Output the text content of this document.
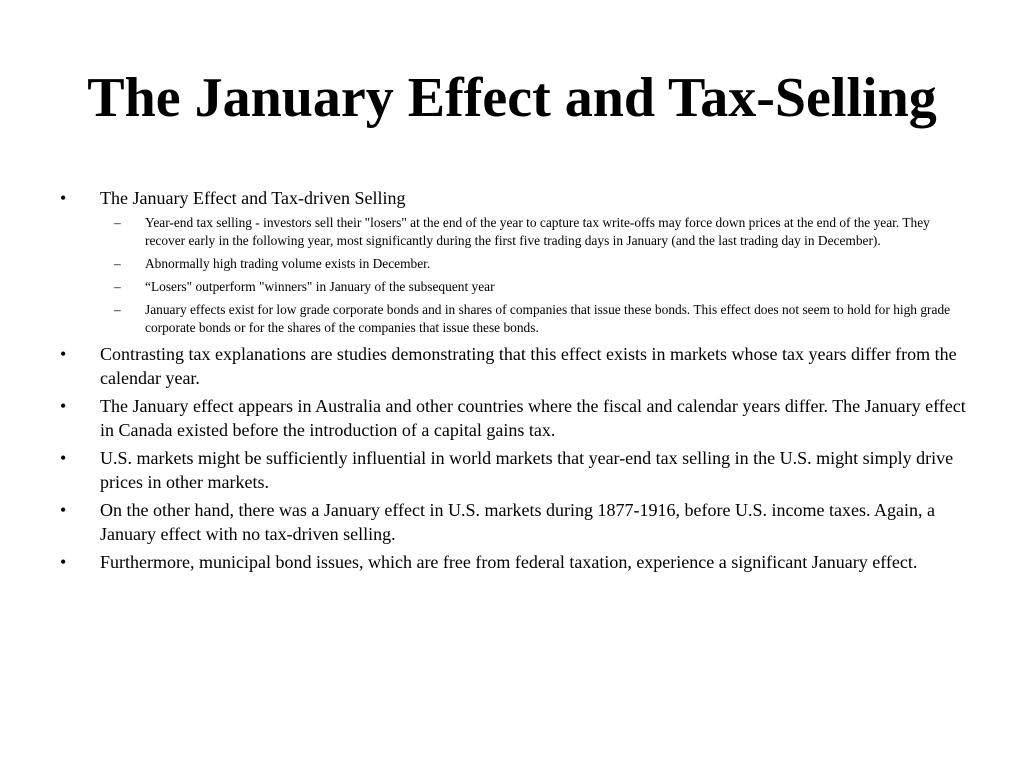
The January Effect and Tax-Selling
•	The January Effect and Tax-driven Selling
–	Year-end tax selling - investors sell their "losers" at the end of the year to capture tax write-offs may force down prices at the end of the year. They recover early in the following year, most significantly during the first five trading days in January (and the last trading day in December).
–	Abnormally high trading volume exists in December.
–	“Losers" outperform "winners" in January of the subsequent year
–	January effects exist for low grade corporate bonds and in shares of companies that issue these bonds. This effect does not seem to hold for high grade corporate bonds or for the shares of the companies that issue these bonds.
•	Contrasting tax explanations are studies demonstrating that this effect exists in markets whose tax years differ from the calendar year.
•	The January effect appears in Australia and other countries where the fiscal and calendar years differ. The January effect in Canada existed before the introduction of a capital gains tax.
•	U.S. markets might be sufficiently influential in world markets that year-end tax selling in the U.S. might simply drive prices in other markets.
•	On the other hand, there was a January effect in U.S. markets during 1877-1916, before U.S. income taxes. Again, a January effect with no tax-driven selling.
•	Furthermore, municipal bond issues, which are free from federal taxation, experience a significant January effect.
